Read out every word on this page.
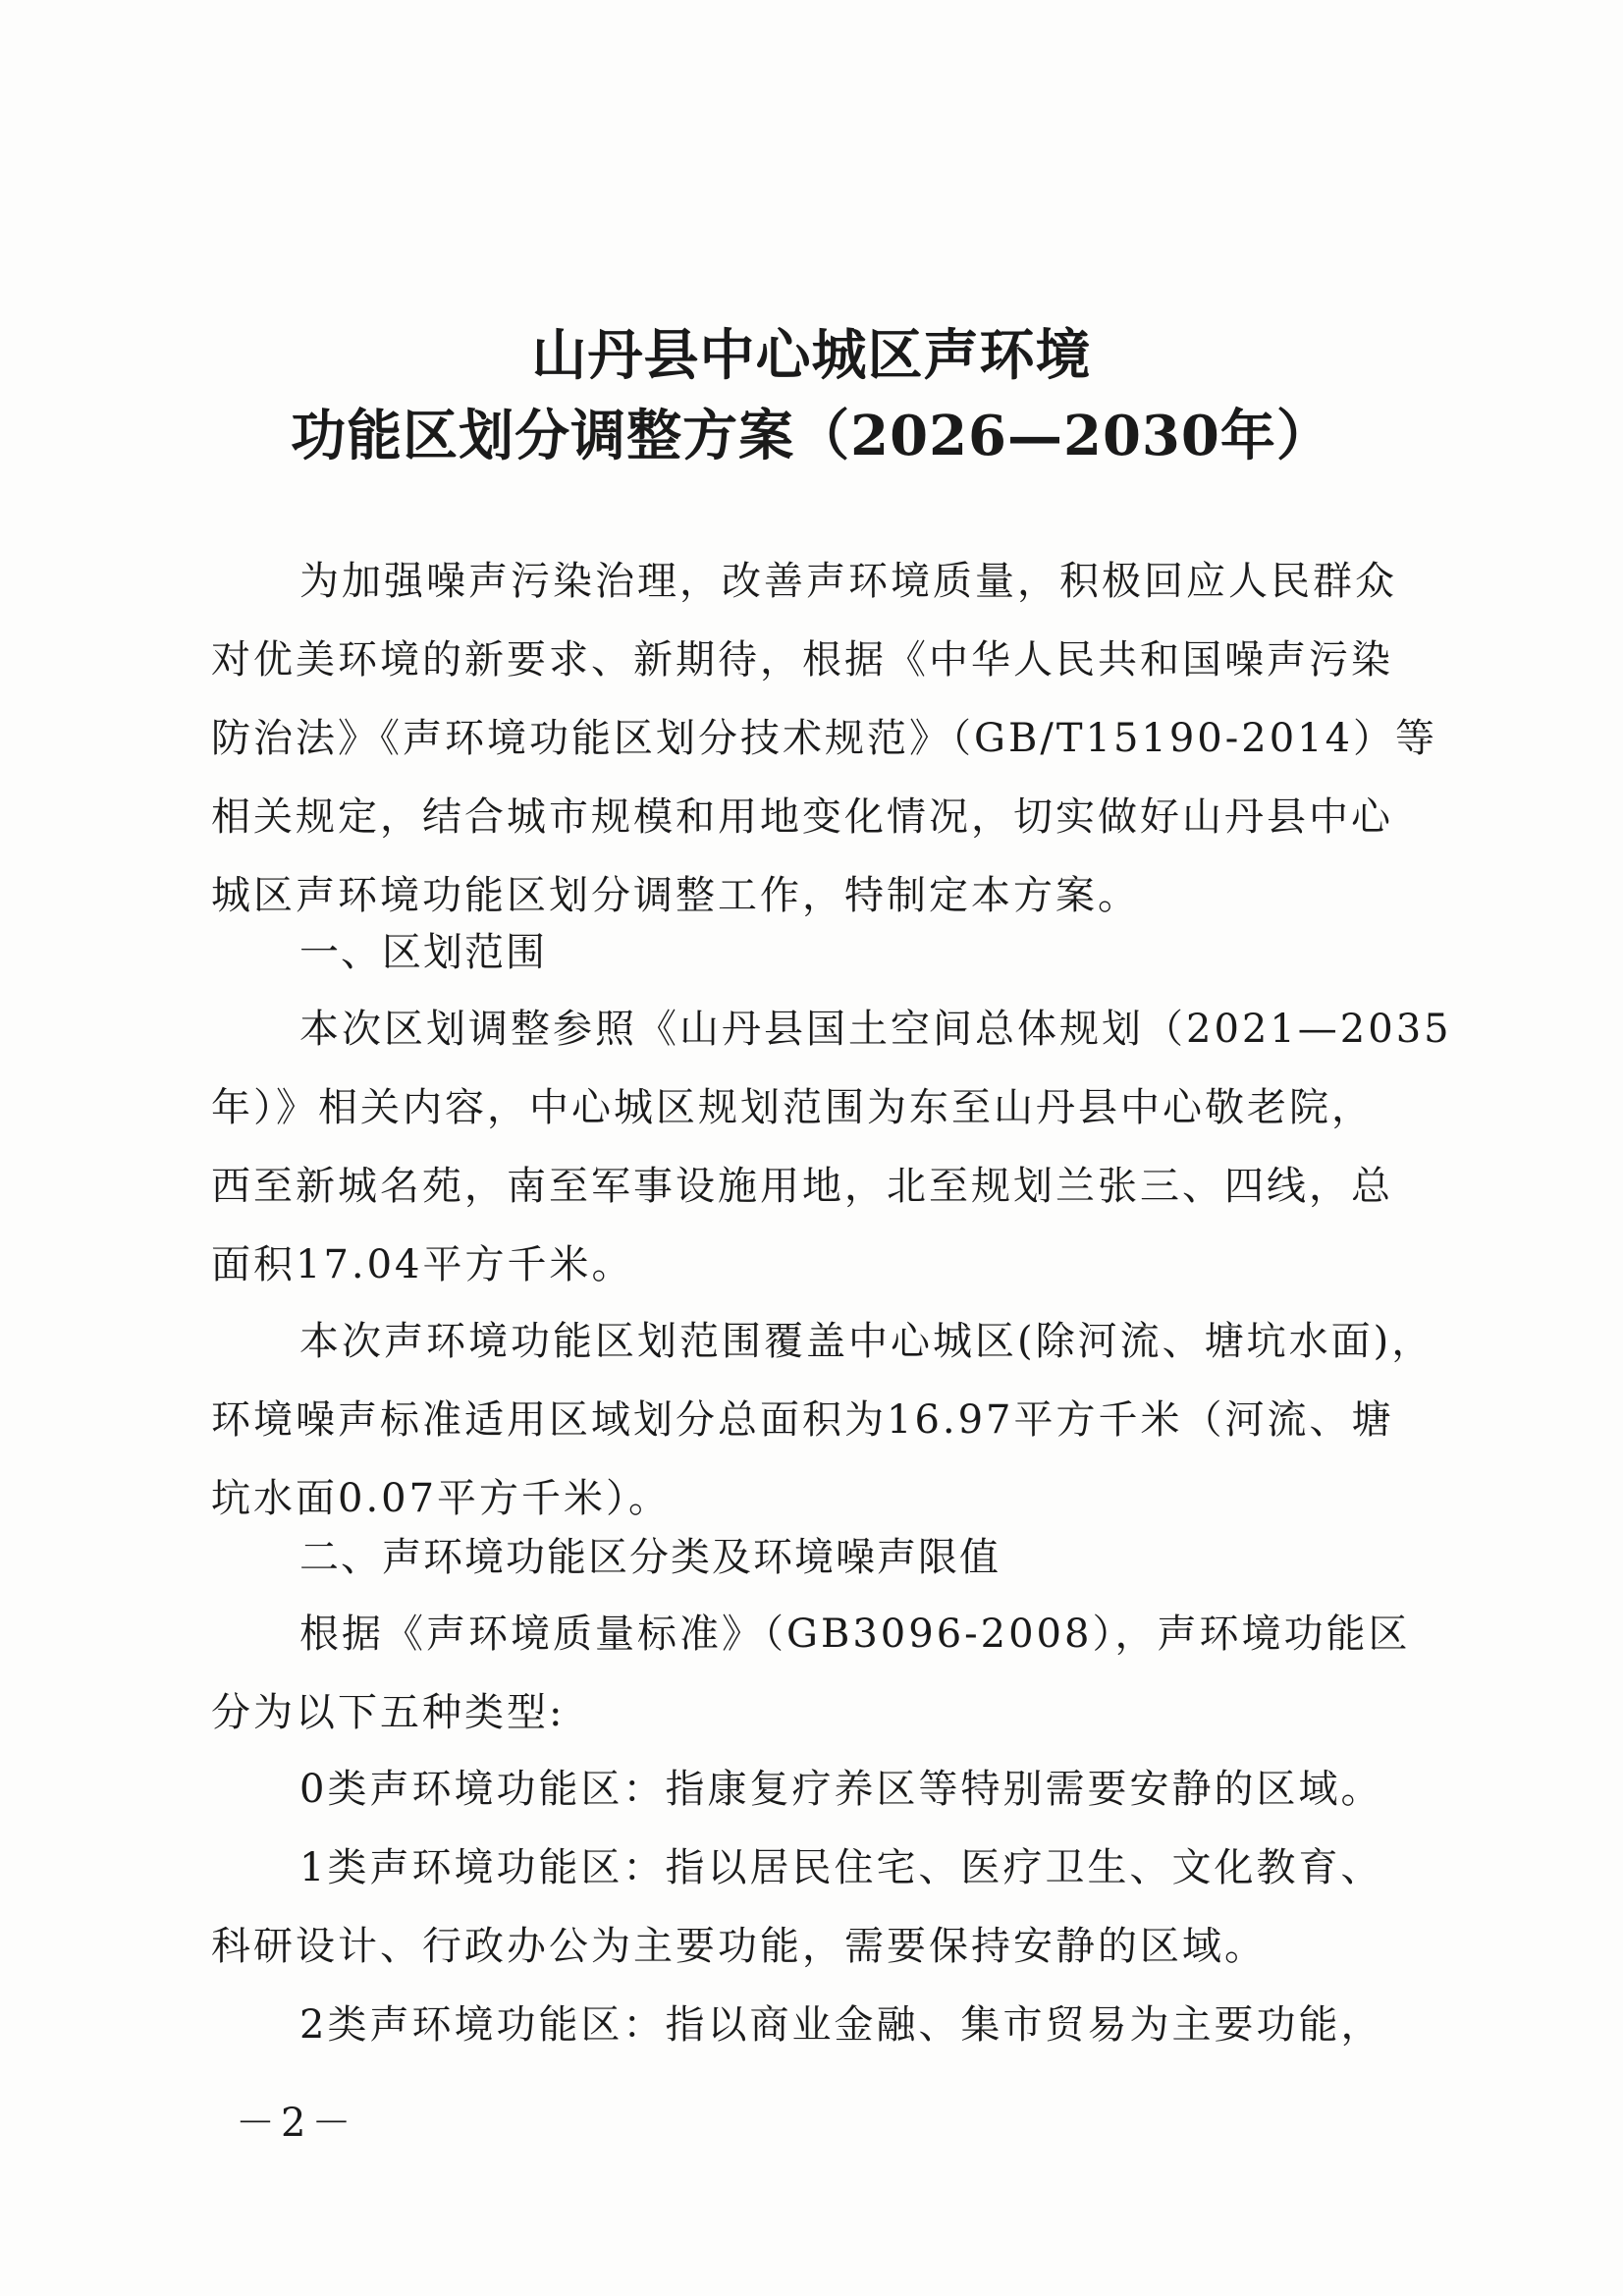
山丹县中心城区声环境
功能区划分调整方案（2026—2030年）
为加强噪声污染治理，改善声环境质量，积极回应人民群众
对优美环境的新要求、新期待，根据《中华人民共和国噪声污染
防治法》《声环境功能区划分技术规范》（GB/T15190-2014）等
相关规定，结合城市规模和用地变化情况，切实做好山丹县中心
城区声环境功能区划分调整工作，特制定本方案。
一、区划范围
本次区划调整参照《山丹县国土空间总体规划（2021—2035
年）》相关内容，中心城区规划范围为东至山丹县中心敬老院，
西至新城名苑，南至军事设施用地，北至规划兰张三、四线，总
面积17.04平方千米。
本次声环境功能区划范围覆盖中心城区(除河流、塘坑水面)，
环境噪声标准适用区域划分总面积为16.97平方千米（河流、塘
坑水面0.07平方千米）。
二、声环境功能区分类及环境噪声限值
根据《声环境质量标准》（GB3096-2008），声环境功能区
分为以下五种类型:
0类声环境功能区：指康复疗养区等特别需要安静的区域。
1类声环境功能区：指以居民住宅、医疗卫生、文化教育、
科研设计、行政办公为主要功能，需要保持安静的区域。
2类声环境功能区：指以商业金融、集市贸易为主要功能，
－2－
